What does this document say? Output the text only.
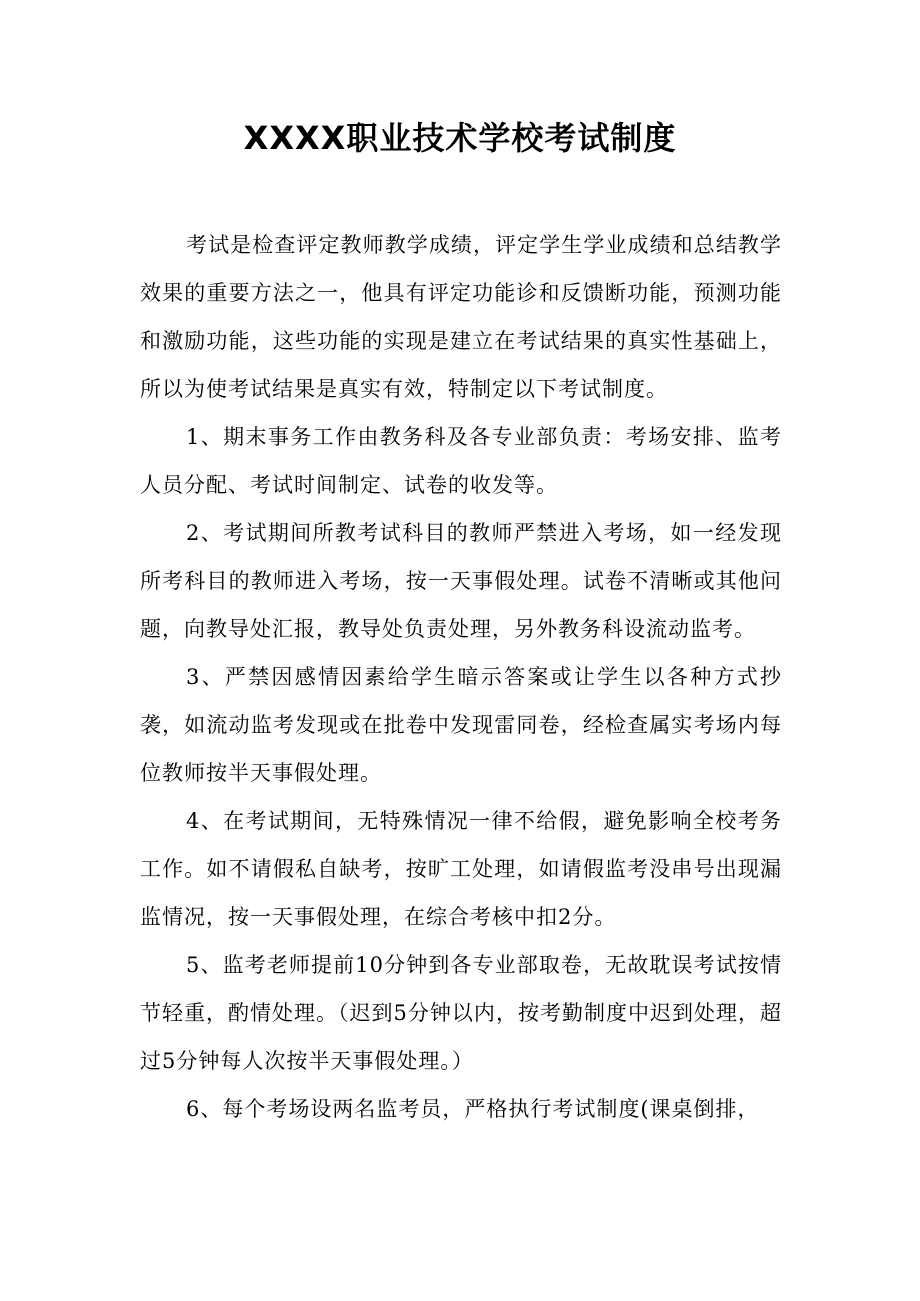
XXXX职业技术学校考试制度

考试是检查评定教师教学成绩，评定学生学业成绩和总结教学效果的重要方法之一，他具有评定功能诊和反馈断功能，预测功能和激励功能，这些功能的实现是建立在考试结果的真实性基础上，所以为使考试结果是真实有效，特制定以下考试制度。

1、期末事务工作由教务科及各专业部负责：考场安排、监考人员分配、考试时间制定、试卷的收发等。

2、考试期间所教考试科目的教师严禁进入考场，如一经发现所考科目的教师进入考场，按一天事假处理。试卷不清晰或其他问题，向教导处汇报，教导处负责处理，另外教务科设流动监考。

3、严禁因感情因素给学生暗示答案或让学生以各种方式抄袭，如流动监考发现或在批卷中发现雷同卷，经检查属实考场内每位教师按半天事假处理。

4、在考试期间，无特殊情况一律不给假，避免影响全校考务工作。如不请假私自缺考，按旷工处理，如请假监考没串号出现漏监情况，按一天事假处理，在综合考核中扣2分。

5、监考老师提前10分钟到各专业部取卷，无故耽误考试按情节轻重，酌情处理。（迟到5分钟以内，按考勤制度中迟到处理，超过5分钟每人次按半天事假处理。）

6、每个考场设两名监考员，严格执行考试制度(课桌倒排，
